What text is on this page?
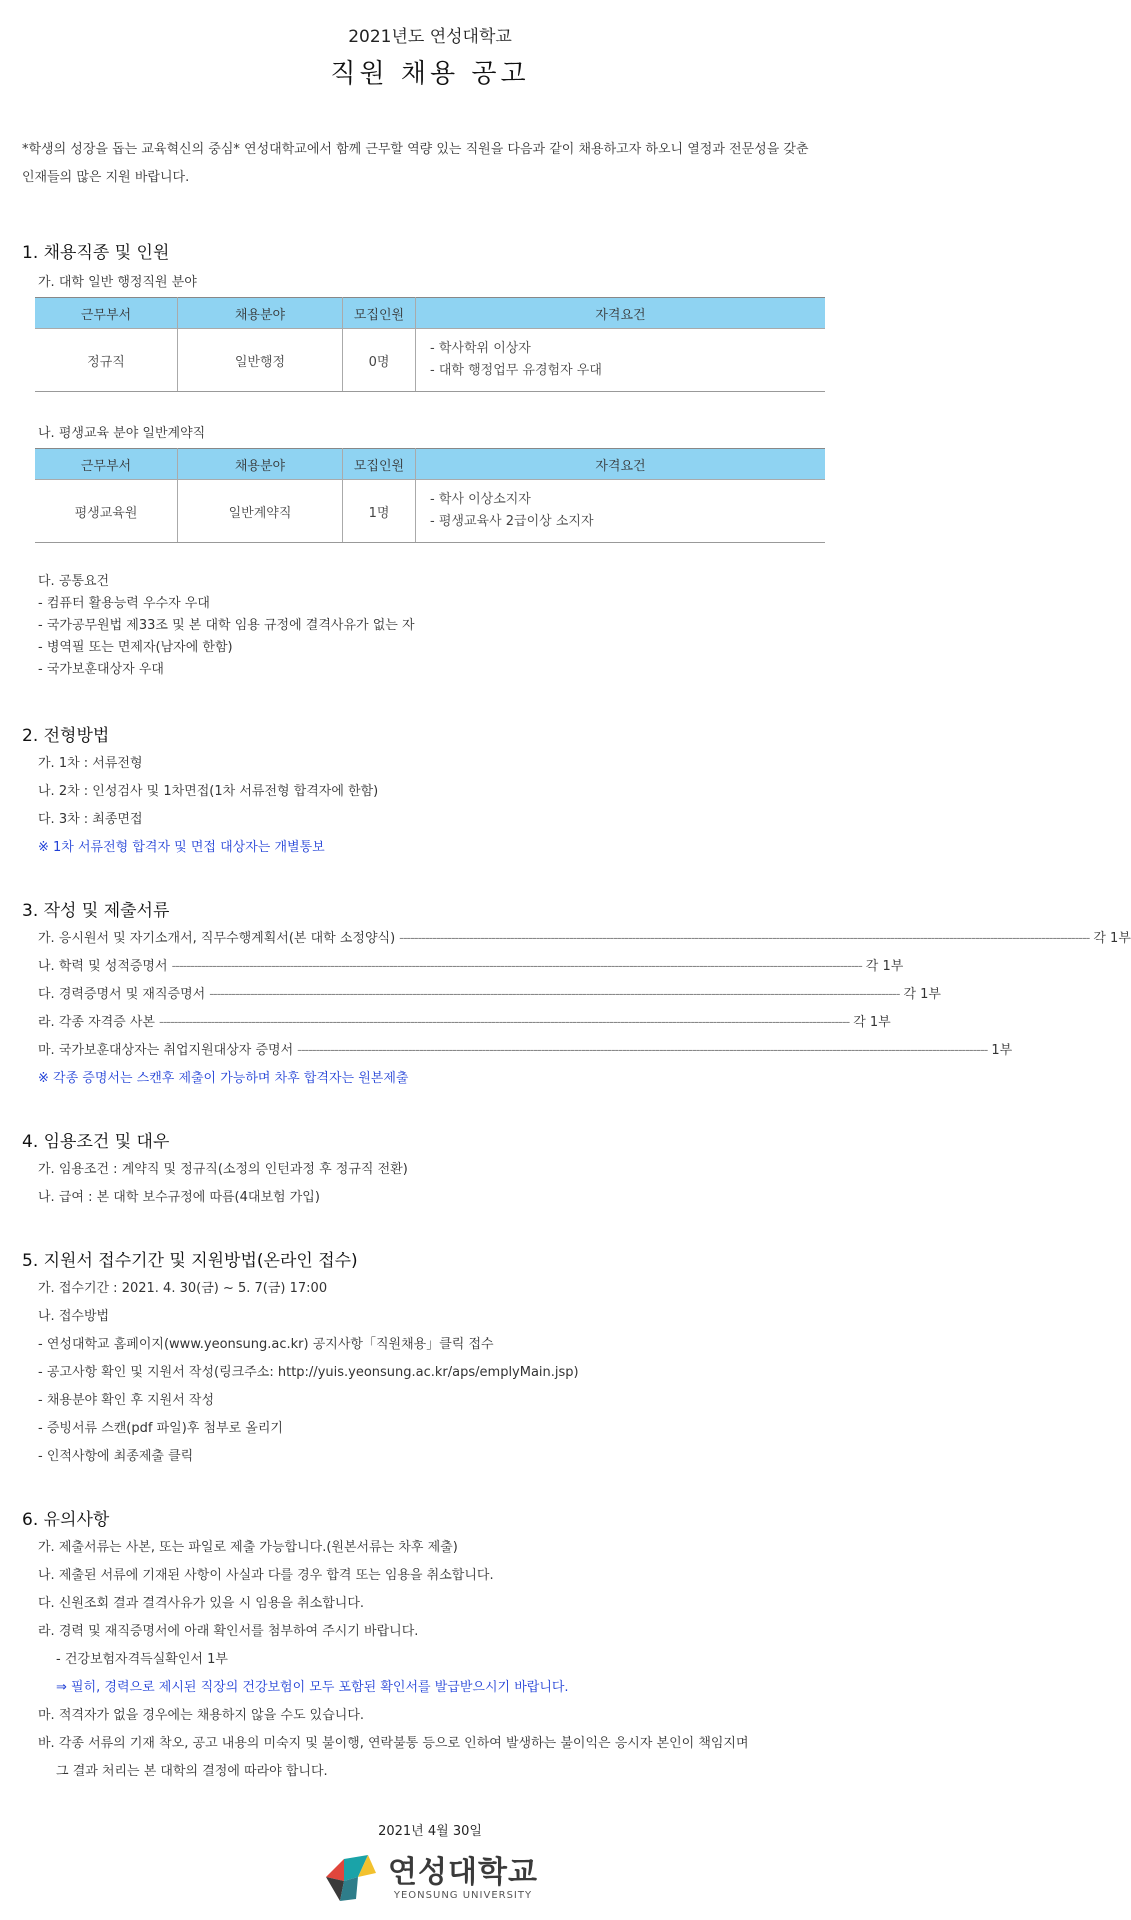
2021년도 연성대학교
직원 채용 공고
*학생의 성장을 돕는 교육혁신의 중심* 연성대학교에서 함께 근무할 역량 있는 직원을 다음과 같이 채용하고자 하오니 열정과 전문성을 갖춘
인재들의 많은 지원 바랍니다.
1. 채용직종 및 인원
가. 대학 일반 행정직원 분야
근무부서	채용분야	모집인원	자격요건
정규직	일반행정	0명	- 학사학위 이상자
- 대학 행정업무 유경험자 우대
나. 평생교육 분야 일반계약직
근무부서	채용분야	모집인원	자격요건
평생교육원	일반계약직	1명	- 학사 이상소지자
- 평생교육사 2급이상 소지자
다. 공통요건
- 컴퓨터 활용능력 우수자 우대
- 국가공무원법 제33조 및 본 대학 임용 규정에 결격사유가 없는 자
- 병역필 또는 면제자(남자에 한함)
- 국가보훈대상자 우대
2. 전형방법
가. 1차 : 서류전형
나. 2차 : 인성검사 및 1차면접(1차 서류전형 합격자에 한함)
다. 3차 : 최종면접
※ 1차 서류전형 합격자 및 면접 대상자는 개별통보
3. 작성 및 제출서류
가. 응시원서 및 자기소개서, 직무수행계획서(본 대학 소정양식) ------------------------------------------------------------------------------------------------------------------------------------------------------------------------------------------- 각 1부
나. 학력 및 성적증명서 ------------------------------------------------------------------------------------------------------------------------------------------------------------------------------------------- 각 1부
다. 경력증명서 및 재직증명서 ------------------------------------------------------------------------------------------------------------------------------------------------------------------------------------------- 각 1부
라. 각종 자격증 사본 ------------------------------------------------------------------------------------------------------------------------------------------------------------------------------------------- 각 1부
마. 국가보훈대상자는 취업지원대상자 증명서 ------------------------------------------------------------------------------------------------------------------------------------------------------------------------------------------- 1부
※ 각종 증명서는 스캔후 제출이 가능하며 차후 합격자는 원본제출
4. 임용조건 및 대우
가. 임용조건 : 계약직 및 정규직(소정의 인턴과정 후 정규직 전환)
나. 급여 : 본 대학 보수규정에 따름(4대보험 가입)
5. 지원서 접수기간 및 지원방법(온라인 접수)
가. 접수기간 : 2021. 4. 30(금) ~ 5. 7(금) 17:00
나. 접수방법
- 연성대학교 홈페이지(www.yeonsung.ac.kr) 공지사항「직원채용」클릭 접수
- 공고사항 확인 및 지원서 작성(링크주소: http://yuis.yeonsung.ac.kr/aps/emplyMain.jsp)
- 채용분야 확인 후 지원서 작성
- 증빙서류 스캔(pdf 파일)후 첨부로 올리기
- 인적사항에 최종제출 클릭
6. 유의사항
가. 제출서류는 사본, 또는 파일로 제출 가능합니다.(원본서류는 차후 제출)
나. 제출된 서류에 기재된 사항이 사실과 다를 경우 합격 또는 임용을 취소합니다.
다. 신원조회 결과 결격사유가 있을 시 임용을 취소합니다.
라. 경력 및 재직증명서에 아래 확인서를 첨부하여 주시기 바랍니다.
- 건강보험자격득실확인서 1부
⇒ 필히, 경력으로 제시된 직장의 건강보험이 모두 포함된 확인서를 발급받으시기 바랍니다.
마. 적격자가 없을 경우에는 채용하지 않을 수도 있습니다.
바. 각종 서류의 기재 착오, 공고 내용의 미숙지 및 불이행, 연락불통 등으로 인하여 발생하는 불이익은 응시자 본인이 책임지며
그 결과 처리는 본 대학의 결정에 따라야 합니다.
2021년 4월 30일
연성대학교
YEONSUNG UNIVERSITY
